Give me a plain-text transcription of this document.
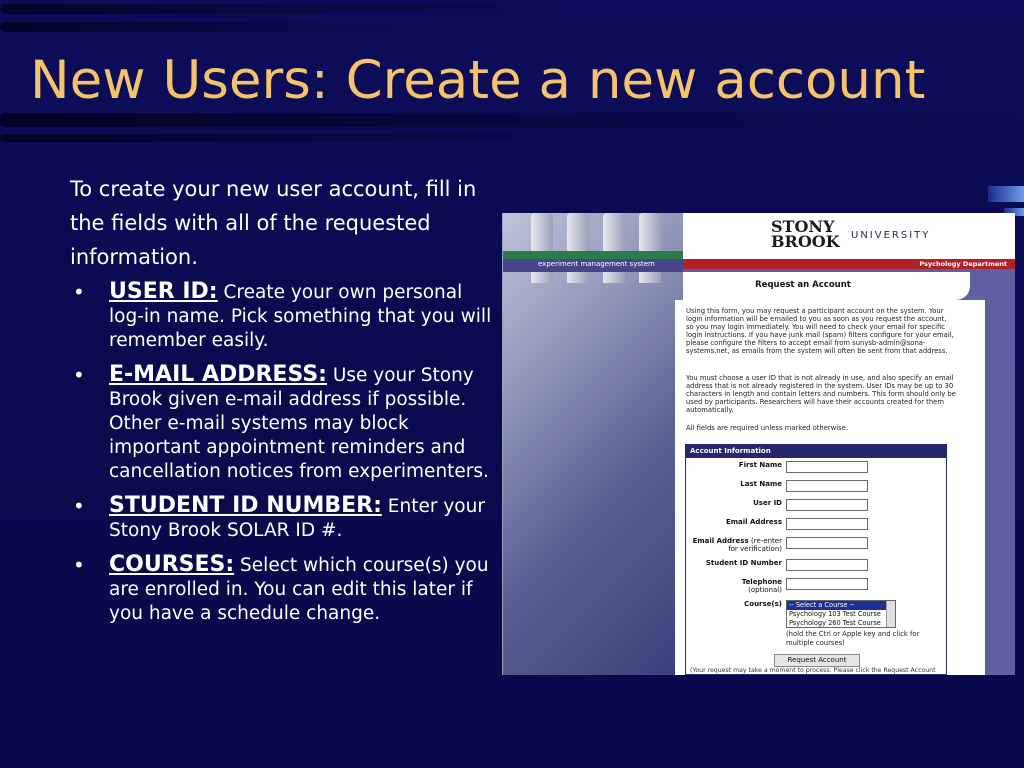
New Users: Create a new account

To create your new user account, fill in the fields with all of the requested information.

• USER ID: Create your own personal log-in name. Pick something that you will remember easily.
• E-MAIL ADDRESS: Use your Stony Brook given e-mail address if possible. Other e-mail systems may block important appointment reminders and cancellation notices from experimenters.
• STUDENT ID NUMBER: Enter your Stony Brook SOLAR ID #.
• COURSES: Select which course(s) you are enrolled in. You can edit this later if you have a schedule change.
experiment management system	Psychology Department
STONY
BROOK UNIVERSITY
Request an Account

Using this form, you may request a participant account on the system. Your login information will be emailed to you as soon as you request the account, so you may login immediately. You will need to check your email for specific login instructions. If you have junk mail (spam) filters configure for your email, please configure the filters to accept email from sunysb-admin@sona-systems.net, as emails from the system will often be sent from that address.

You must choose a user ID that is not already in use, and also specify an email address that is not already registered in the system. User IDs may be up to 30 characters in length and contain letters and numbers. This form should only be used by participants. Researchers will have their accounts created for them automatically.

All fields are required unless marked otherwise.

Account Information
First Name
Last Name
User ID
Email Address
Email Address (re-enter
for verification)
Student ID Number
Telephone
(optional)
Course(s)	-- Select a Course --
Psychology 103 Test Course
Psychology 260 Test Course
(hold the Ctrl or Apple key and click for multiple courses)
Request Account
(Your request may take a moment to process. Please click the Request Account
